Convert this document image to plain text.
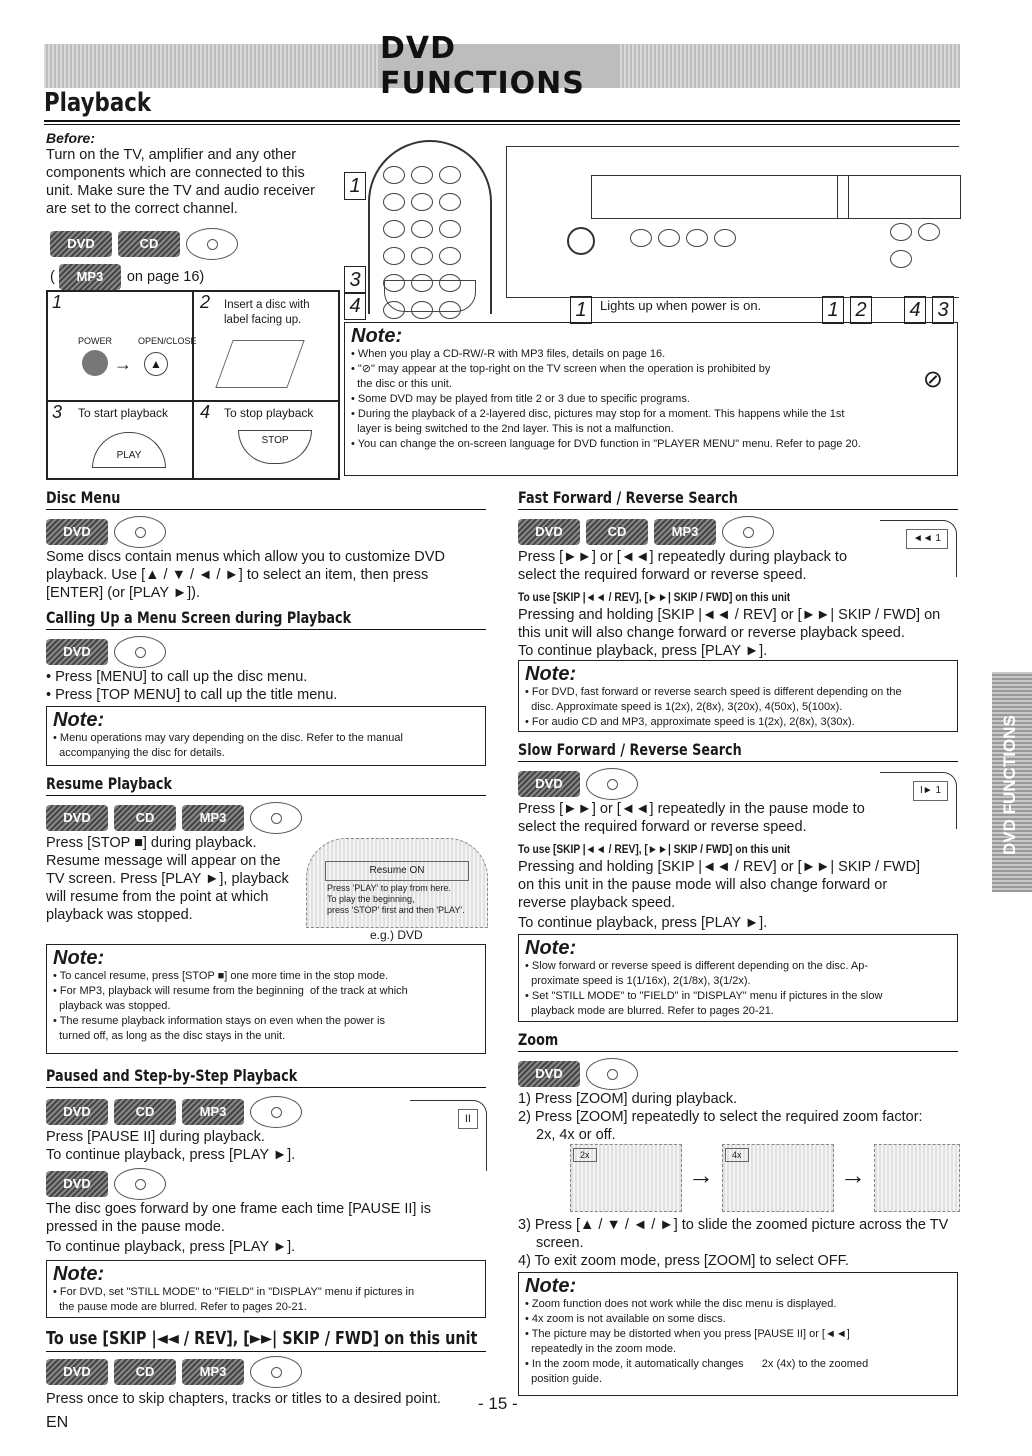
DVD FUNCTIONS
Playback
Before:
Turn on the TV, amplifier and any other components which are connected to this unit. Make sure the TV and audio receiver are set to the correct channel.
DVD	CD
( MP3 on page 16)
1
POWER	OPEN/CLOSE
→	▲
2 Insert a disc with label facing up.
3 To start playback
PLAY
4 To stop playback
STOP

1
3
4	1	Lights up when power is on.	1 2 4 3
Note:
• When you play a CD-RW/-R with MP3 files, details on page 16.
• "⊘" may appear at the top-right on the TV screen when the operation is prohibited by
the disc or this unit.
• Some DVD may be played from title 2 or 3 due to specific programs.
• During the playback of a 2-layered disc, pictures may stop for a moment. This happens while the 1st
layer is being switched to the 2nd layer. This is not a malfunction.
• You can change the on-screen language for DVD function in "PLAYER MENU" menu. Refer to page 20.
⊘
Disc Menu
DVD
Some discs contain menus which allow you to customize DVD playback. Use [▲ / ▼ / ◄ / ►] to select an item, then press [ENTER] (or [PLAY ►]).
Calling Up a Menu Screen during Playback
DVD
• Press [MENU] to call up the disc menu.
• Press [TOP MENU] to call up the title menu.
Note:
• Menu operations may vary depending on the disc. Refer to the manual
accompanying the disc for details.
Resume Playback
DVD	CD	MP3
Press [STOP ■] during playback. Resume message will appear on the TV screen. Press [PLAY ►], playback will resume from the point at which playback was stopped.
Resume ON
Press 'PLAY' to play from here.
To play the beginning,
press 'STOP' first and then 'PLAY'.
e.g.) DVD
Note:
• To cancel resume, press [STOP ■] one more time in the stop mode.
• For MP3, playback will resume from the beginning  of the track at which
playback was stopped.
• The resume playback information stays on even when the power is
turned off, as long as the disc stays in the unit.
Paused and Step-by-Step Playback
DVD	CD	MP3	II
Press [PAUSE II] during playback.
To continue playback, press [PLAY ►].
DVD
The disc goes forward by one frame each time [PAUSE II] is pressed in the pause mode.
To continue playback, press [PLAY ►].
Note:
• For DVD, set "STILL MODE" to "FIELD" in "DISPLAY" menu if pictures in
the pause mode are blurred. Refer to pages 20-21.
To use [SKIP |◄◄ / REV], [►►| SKIP / FWD] on this unit
DVD	CD	MP3
Press once to skip chapters, tracks or titles to a desired point.
Fast Forward / Reverse Search
DVD	CD	MP3	◄◄ 1
Press [►►] or [◄◄] repeatedly during playback to select the required forward or reverse speed.
To use [SKIP |◄◄ / REV], [►►| SKIP / FWD] on this unit
Pressing and holding [SKIP |◄◄ / REV] or [►►| SKIP / FWD] on this unit will also change forward or reverse playback speed.
To continue playback, press [PLAY ►].
Note:
• For DVD, fast forward or reverse search speed is different depending on the
disc. Approximate speed is 1(2x), 2(8x), 3(20x), 4(50x), 5(100x).
• For audio CD and MP3, approximate speed is 1(2x), 2(8x), 3(30x).
Slow Forward / Reverse Search
DVD	I► 1
Press [►►] or [◄◄] repeatedly in the pause mode to select the required forward or reverse speed.
To use [SKIP |◄◄ / REV], [►►| SKIP / FWD] on this unit
Pressing and holding [SKIP |◄◄ / REV] or [►►| SKIP / FWD] on this unit in the pause mode will also change forward or reverse playback speed.
To continue playback, press [PLAY ►].
Note:
• Slow forward or reverse speed is different depending on the disc. Ap-
proximate speed is 1(1/16x), 2(1/8x), 3(1/2x).
• Set "STILL MODE" to "FIELD" in "DISPLAY" menu if pictures in the slow
playback mode are blurred. Refer to pages 20-21.
Zoom
DVD
1) Press [ZOOM] during playback.
2) Press [ZOOM] repeatedly to select the required zoom factor:
2x, 4x or off.
2x
→
4x
→
3) Press [▲ / ▼ / ◄ / ►] to slide the zoomed picture across the TV
screen.
4) To exit zoom mode, press [ZOOM] to select OFF.
Note:
• Zoom function does not work while the disc menu is displayed.
• 4x zoom is not available on some discs.
• The picture may be distorted when you press [PAUSE II] or [◄◄]
repeatedly in the zoom mode.
• In the zoom mode, it automatically changes      2x (4x) to the zoomed
position guide.
DVD FUNCTIONS
- 15 -
EN
